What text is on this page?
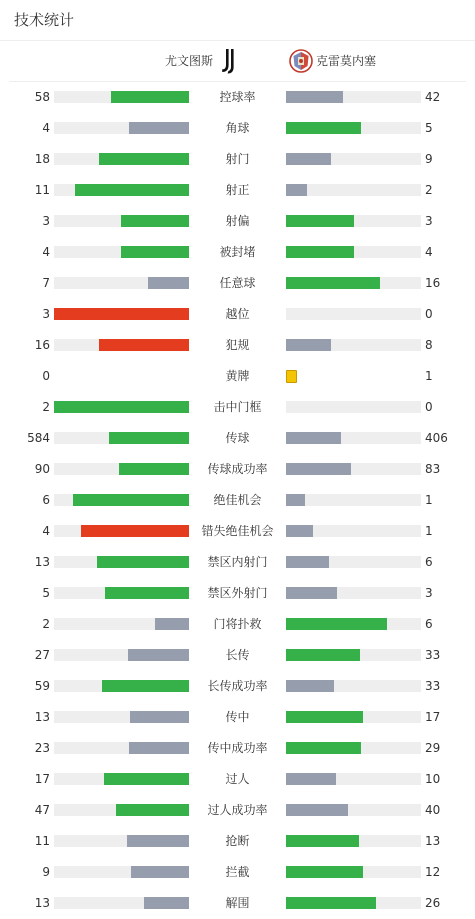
技术统计
尤文图斯	克雷莫内塞
58	控球率	42
4	角球	5
18	射门	9
11	射正	2
3	射偏	3
4	被封堵	4
7	任意球	16
3	越位	0
16	犯规	8
0	黄牌	1
2	击中门框	0
584	传球	406
90	传球成功率	83
6	绝佳机会	1
4	错失绝佳机会	1
13	禁区内射门	6
5	禁区外射门	3
2	门将扑救	6
27	长传	33
59	长传成功率	33
13	传中	17
23	传中成功率	29
17	过人	10
47	过人成功率	40
11	抢断	13
9	拦截	12
13	解围	26
